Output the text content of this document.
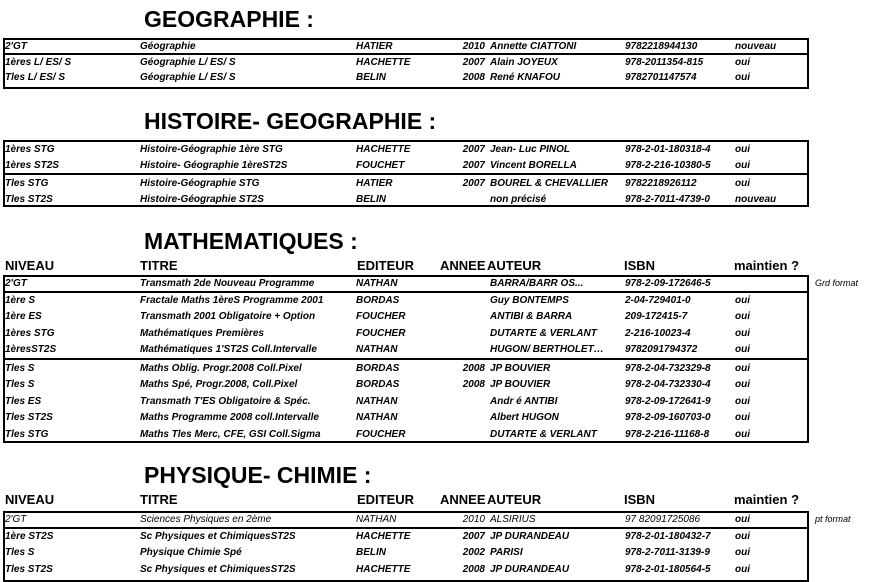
GEOGRAPHIE :
2'GT	Géographie	HATIER	2010 Annette CIATTONI	9782218944130	nouveau
1ères L/ ES/ S	Géographie L/ ES/ S	HACHETTE	2007 Alain JOYEUX	978-2011354-815	oui
Tles L/ ES/ S	Géographie L/ ES/ S	BELIN	2008 René KNAFOU	9782701147574	oui
HISTOIRE- GEOGRAPHIE :
1ères STG	Histoire-Géographie 1ère STG	HACHETTE	2007 Jean- Luc PINOL	978-2-01-180318-4 oui
1ères ST2S	Histoire- Géographie 1èreST2S	FOUCHET	2007 Vincent BORELLA	978-2-216-10380-5 oui
Tles STG	Histoire-Géographie STG	HATIER	2007 BOUREL & CHEVALLIER 9782218926112	oui
Tles ST2S	Histoire-Géographie ST2S	BELIN	non précisé	978-2-7011-4739-0	nouveau
MATHEMATIQUES :
NIVEAU	TITRE	EDITEUR ANNEE AUTEUR	ISBN	maintien ?
2'GT	Transmath 2de Nouveau Programme	NATHAN	BARRA/BARR OS...	978-2-09-172646-5
1ère S	Fractale Maths 1èreS Programme 2001	BORDAS	Guy BONTEMPS	2-04-729401-0	oui
1ère ES	Transmath 2001 Obligatoire + Option	FOUCHER	ANTIBI & BARRA	209-172415-7	oui
1ères STG	Mathématiques Premières	FOUCHER	DUTARTE & VERLANT	2-216-10023-4	oui
1èresST2S	Mathématiques 1'ST2S Coll.Intervalle	NATHAN	HUGON/ BERTHOLET… 9782091794372	oui
Tles S	Maths Oblig. Progr.2008 Coll.Pixel	BORDAS	2008 JP BOUVIER	978-2-04-732329-8 oui
Tles S	Maths Spé, Progr.2008, Coll.Pixel	BORDAS	2008 JP BOUVIER	978-2-04-732330-4 oui
Tles ES	Transmath T'ES Obligatoire & Spéc.	NATHAN	Andr é ANTIBI	978-2-09-172641-9 oui
Tles ST2S	Maths Programme 2008 coll.Intervalle	NATHAN	Albert HUGON	978-2-09-160703-0 oui
Tles STG	Maths Tles Merc, CFE, GSI Coll.Sigma	FOUCHER	DUTARTE & VERLANT	978-2-216-11168-8	oui
Grd format
PHYSIQUE- CHIMIE :
NIVEAU	TITRE	EDITEUR ANNEE AUTEUR	ISBN	maintien ?
2'GT	Sciences Physiques en 2ème	NATHAN	2010 ALSIRIUS	97 82091725086	oui
1ère ST2S	Sc Physiques et ChimiquesST2S	HACHETTE	2007 JP DURANDEAU	978-2-01-180432-7 oui
Tles S	Physique Chimie Spé	BELIN	2002 PARISI	978-2-7011-3139-9	oui
Tles ST2S	Sc Physiques et ChimiquesST2S	HACHETTE	2008 JP DURANDEAU	978-2-01-180564-5 oui
pt format
